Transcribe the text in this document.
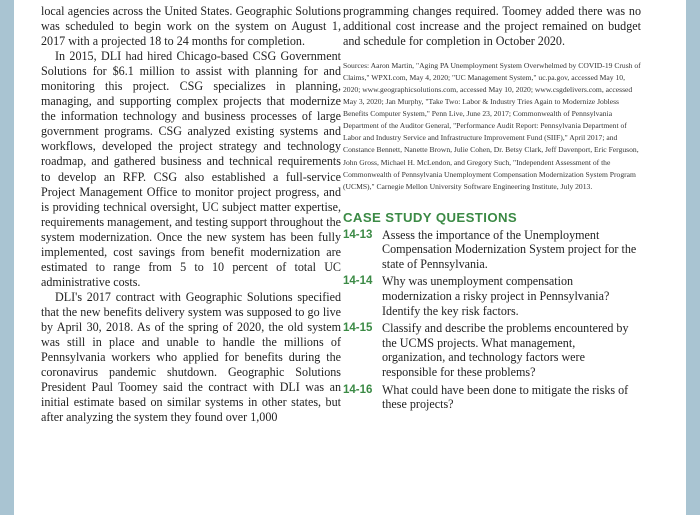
local agencies across the United States. Geographic Solutions was scheduled to begin work on the system on August 1, 2017 with a projected 18 to 24 months for completion.

In 2015, DLI had hired Chicago-based CSG Government Solutions for $6.1 million to assist with planning for and monitoring this project. CSG specializes in planning, managing, and supporting complex projects that modernize the information technology and business processes of large government programs. CSG analyzed existing systems and workflows, developed the project strategy and technology roadmap, and gathered business and technical requirements to develop an RFP. CSG also established a full-service Project Management Office to monitor project progress, and is providing technical oversight, UC subject matter expertise, requirements management, and testing support throughout the system modernization. Once the new system has been fully implemented, cost savings from benefit modernization are estimated to range from 5 to 10 percent of total UC administrative costs.

DLI's 2017 contract with Geographic Solutions specified that the new benefits delivery system was supposed to go live by April 30, 2018. As of the spring of 2020, the old system was still in place and unable to handle the millions of Pennsylvania workers who applied for benefits during the coronavirus pandemic shutdown. Geographic Solutions President Paul Toomey said the contract with DLI was an initial estimate based on similar systems in other states, but after analyzing the system they found over 1,000

programming changes required. Toomey added there was no additional cost increase and the project remained on budget and schedule for completion in October 2020.

Sources: Aaron Martin, "Aging PA Unemployment System Overwhelmed by COVID-19 Crush of Claims," WPXI.com, May 4, 2020; "UC Management System," uc.pa.gov, accessed May 10, 2020; www.geographicsolutions.com, accessed May 10, 2020; www.csgdelivers.com, accessed May 3, 2020; Jan Murphy, "Take Two: Labor & Industry Tries Again to Modernize Jobless Benefits Computer System," Penn Live, June 23, 2017; Commonwealth of Pennsylvania Department of the Auditor General, "Performance Audit Report: Pennsylvania Department of Labor and Industry Service and Infrastructure Improvement Fund (SIIF)," April 2017; and Constance Bennett, Nanette Brown, Julie Cohen, Dr. Betsy Clark, Jeff Davenport, Eric Ferguson, John Gross, Michael H. McLendon, and Gregory Such, "Independent Assessment of the Commonwealth of Pennsylvania Unemployment Compensation Modernization System Program (UCMS)," Carnegie Mellon University Software Engineering Institute, July 2013.
CASE STUDY QUESTIONS
14-13 Assess the importance of the Unemployment Compensation Modernization System project for the state of Pennsylvania.
14-14 Why was unemployment compensation modernization a risky project in Pennsylvania? Identify the key risk factors.
14-15 Classify and describe the problems encountered by the UCMS projects. What management, organization, and technology factors were responsible for these problems?
14-16 What could have been done to mitigate the risks of these projects?
